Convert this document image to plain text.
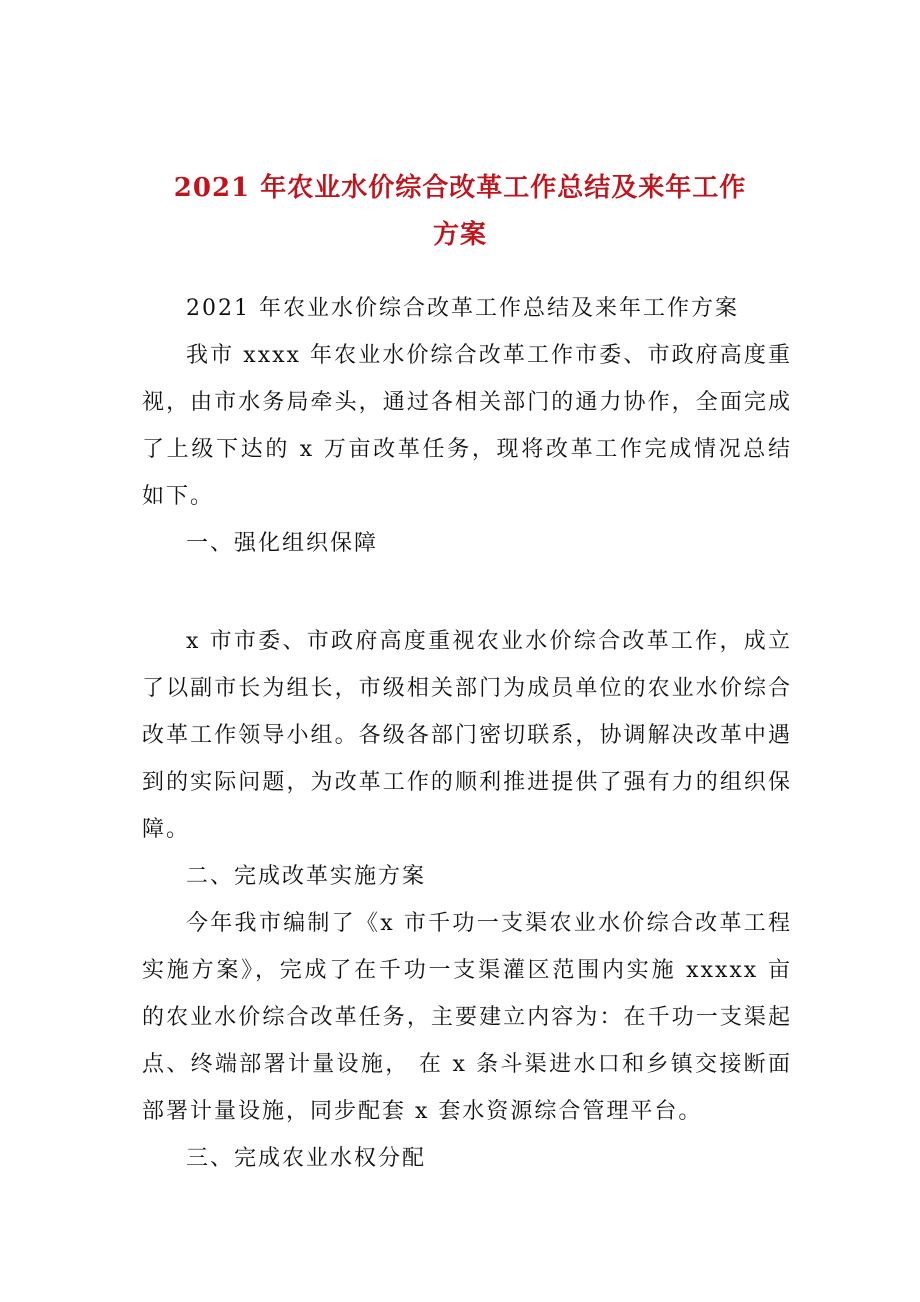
2021 年农业水价综合改革工作总结及来年工作
方案

2021 年农业水价综合改革工作总结及来年工作方案

我市 xxxx 年农业水价综合改革工作市委、市政府高度重视，由市水务局牵头，通过各相关部门的通力协作，全面完成了上级下达的 x 万亩改革任务，现将改革工作完成情况总结如下。

一、强化组织保障

x 市市委、市政府高度重视农业水价综合改革工作，成立了以副市长为组长，市级相关部门为成员单位的农业水价综合改革工作领导小组。各级各部门密切联系，协调解决改革中遇到的实际问题，为改革工作的顺利推进提供了强有力的组织保障。

二、完成改革实施方案

今年我市编制了《x 市千功一支渠农业水价综合改革工程实施方案》，完成了在千功一支渠灌区范围内实施 xxxxx 亩的农业水价综合改革任务，主要建立内容为：在千功一支渠起点、终端部署计量设施， 在 x 条斗渠进水口和乡镇交接断面部署计量设施，同步配套 x 套水资源综合管理平台。

三、完成农业水权分配
